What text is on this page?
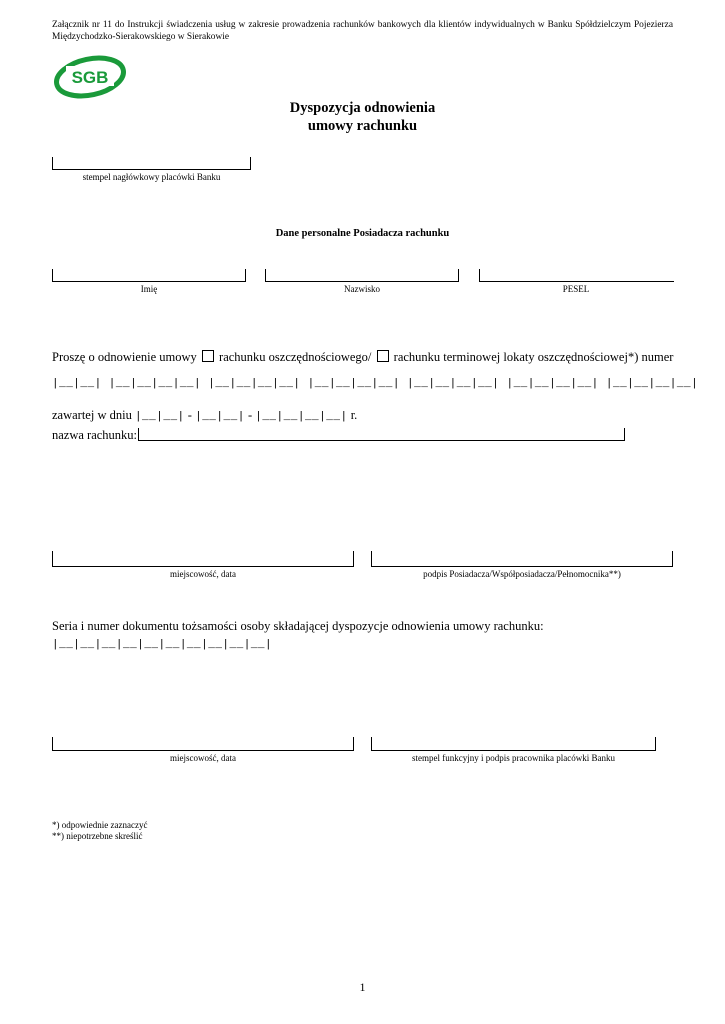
Załącznik nr 11 do Instrukcji świadczenia usług w zakresie prowadzenia rachunków bankowych dla klientów indywidualnych w Banku Spółdzielczym Pojezierza Międzychodzko-Sierakowskiego w Sierakowie
SGB
Dyspozycja odnowienia
umowy rachunku
stempel nagłówkowy placówki Banku
Dane personalne Posiadacza rachunku
Imię	Nazwisko	PESEL
Proszę o odnowienie umowy rachunku oszczędnościowego/ rachunku terminowej lokaty oszczędnościowej*) numer
|__|__| |__|__|__|__| |__|__|__|__| |__|__|__|__| |__|__|__|__| |__|__|__|__| |__|__|__|__|
zawartej w dniu |__|__| - |__|__| - |__|__|__|__| r.
nazwa rachunku:
miejscowość, data	podpis Posiadacza/Współposiadacza/Pełnomocnika**)
Seria i numer dokumentu tożsamości osoby składającej dyspozycje odnowienia umowy rachunku:
|__|__|__|__|__|__|__|__|__|__|
miejscowość, data	stempel funkcyjny i podpis pracownika placówki Banku
*) odpowiednie zaznaczyć
**) niepotrzebne skreślić
1
